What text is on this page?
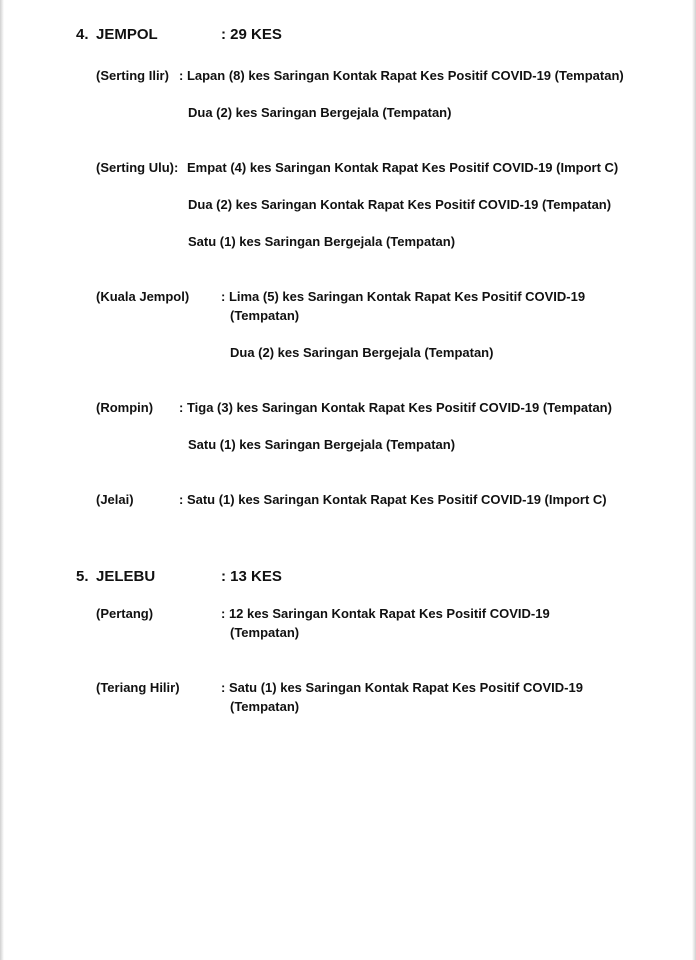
4. JEMPOL	: 29 KES
(Serting Ilir) : Lapan (8) kes Saringan Kontak Rapat Kes Positif COVID-19 (Tempatan)
Dua (2) kes Saringan Bergejala (Tempatan)
(Serting Ulu): Empat (4) kes Saringan Kontak Rapat Kes Positif COVID-19 (Import C)
Dua (2) kes Saringan Kontak Rapat Kes Positif COVID-19 (Tempatan)
Satu (1) kes Saringan Bergejala (Tempatan)
(Kuala Jempol) : Lima (5) kes Saringan Kontak Rapat Kes Positif COVID-19
(Tempatan)
Dua (2) kes Saringan Bergejala (Tempatan)
(Rompin) : Tiga (3) kes Saringan Kontak Rapat Kes Positif COVID-19 (Tempatan)
Satu (1) kes Saringan Bergejala (Tempatan)
(Jelai)	: Satu (1) kes Saringan Kontak Rapat Kes Positif COVID-19 (Import C)
5. JELEBU	: 13 KES
(Pertang)	: 12 kes Saringan Kontak Rapat Kes Positif COVID-19
(Tempatan)
(Teriang Hilir)	: Satu (1) kes Saringan Kontak Rapat Kes Positif COVID-19
(Tempatan)
